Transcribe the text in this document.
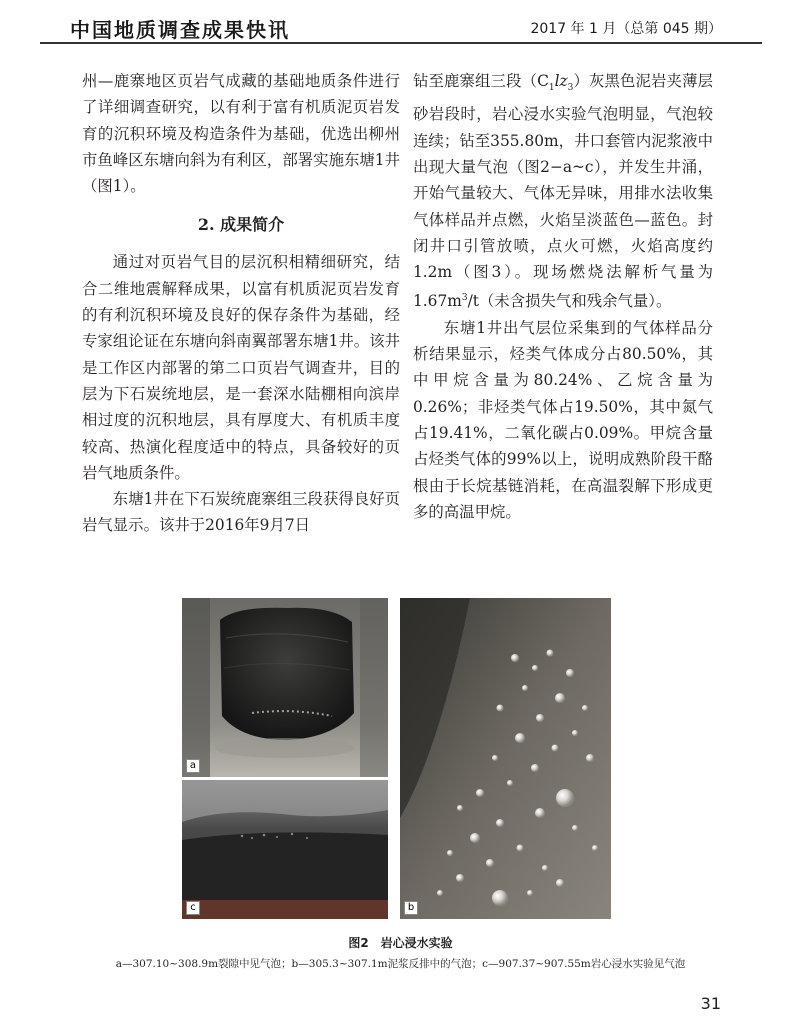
中国地质调查成果快讯	2017 年 1 月（总第 045 期）

州—鹿寨地区页岩气成藏的基础地质条件进行了详细调查研究，以有利于富有机质泥页岩发育的沉积环境及构造条件为基础，优选出柳州市鱼峰区东塘向斜为有利区，部署实施东塘1井（图1）。

2. 成果简介

通过对页岩气目的层沉积相精细研究，结合二维地震解释成果，以富有机质泥页岩发育的有利沉积环境及良好的保存条件为基础，经专家组论证在东塘向斜南翼部署东塘1井。该井是工作区内部署的第二口页岩气调查井，目的层为下石炭统地层，是一套深水陆棚相向滨岸相过度的沉积地层，具有厚度大、有机质丰度较高、热演化程度适中的特点，具备较好的页岩气地质条件。

东塘1井在下石炭统鹿寨组三段获得良好页岩气显示。该井于2016年9月7日

钻至鹿寨组三段$(C_1lz_3)$灰黑色泥岩夹薄层砂岩段时，岩心浸水实验气泡明显，气泡较连续；钻至355.80m，井口套管内泥浆液中出现大量气泡（图2−a~c），并发生井涌，开始气量较大、气体无异味，用排水法收集气体样品并点燃，火焰呈淡蓝色—蓝色。封闭井口引管放喷，点火可燃，火焰高度约1.2m（图3）。现场燃烧法解析气量为$1.67m^3/t$（未含损失气和残余气量）。

东塘1井出气层位采集到的气体样品分析结果显示，烃类气体成分占80.50%，其中甲烷含量为80.24%、乙烷含量为0.26%；非烃类气体占19.50%，其中氮气占19.41%，二氧化碳占0.09%。甲烷含量占烃类气体的99%以上，说明成熟阶段干酪根由于长烷基链消耗，在高温裂解下形成更多的高温甲烷。

a
c	b
图2　岩心浸水实验
a—307.10~308.9m裂隙中见气泡；b—305.3~307.1m泥浆反排中的气泡；c—907.37~907.55m岩心浸水实验见气泡
31
